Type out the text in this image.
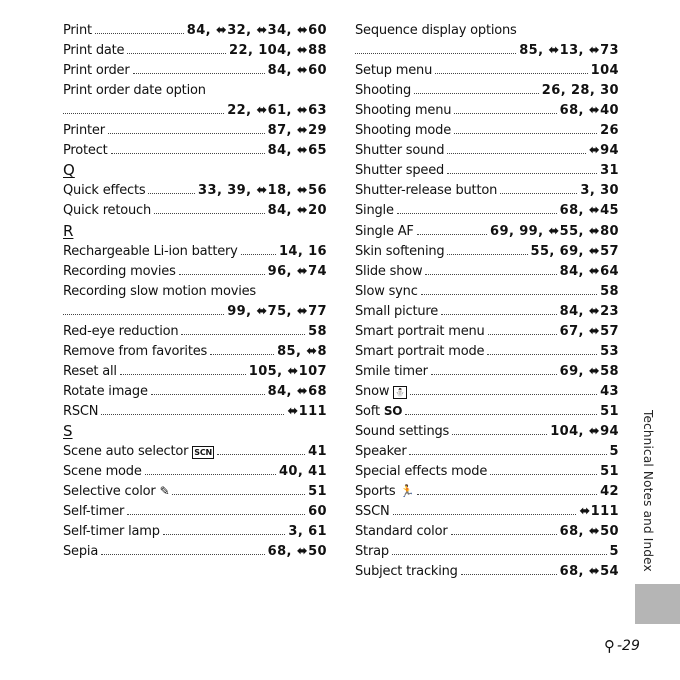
Print	84, ⬌32, ⬌34, ⬌60
Print date	22, 104, ⬌88
Print order	84, ⬌60
Print order date option
22, ⬌61, ⬌63
Printer	87, ⬌29
Protect	84, ⬌65
Q
Quick effects	33, 39, ⬌18, ⬌56
Quick retouch	84, ⬌20
R
Rechargeable Li-ion battery	14, 16
Recording movies	96, ⬌74
Recording slow motion movies
99, ⬌75, ⬌77
Red-eye reduction	58
Remove from favorites	85, ⬌8
Reset all	105, ⬌107
Rotate image	84, ⬌68
RSCN	⬌111
S
Scene auto selector SCN	41
Scene mode	40, 41
Selective color ✎	51
Self-timer	60
Self-timer lamp	3, 61
Sepia	68, ⬌50
Sequence display options
85, ⬌13, ⬌73
Setup menu	104
Shooting	26, 28, 30
Shooting menu	68, ⬌40
Shooting mode	26
Shutter sound	⬌94
Shutter speed	31
Shutter-release button	3, 30
Single	68, ⬌45
Single AF	69, 99, ⬌55, ⬌80
Skin softening	55, 69, ⬌57
Slide show	84, ⬌64
Slow sync	58
Small picture	84, ⬌23
Smart portrait menu	67, ⬌57
Smart portrait mode	53
Smile timer	69, ⬌58
Snow ⛄	43
Soft SO	51
Sound settings	104, ⬌94
Speaker	5
Special effects mode	51
Sports 🏃	42
SSCN	⬌111
Standard color	68, ⬌50
Strap	5
Subject tracking	68, ⬌54 Technical Notes and Index
⚲ -29
